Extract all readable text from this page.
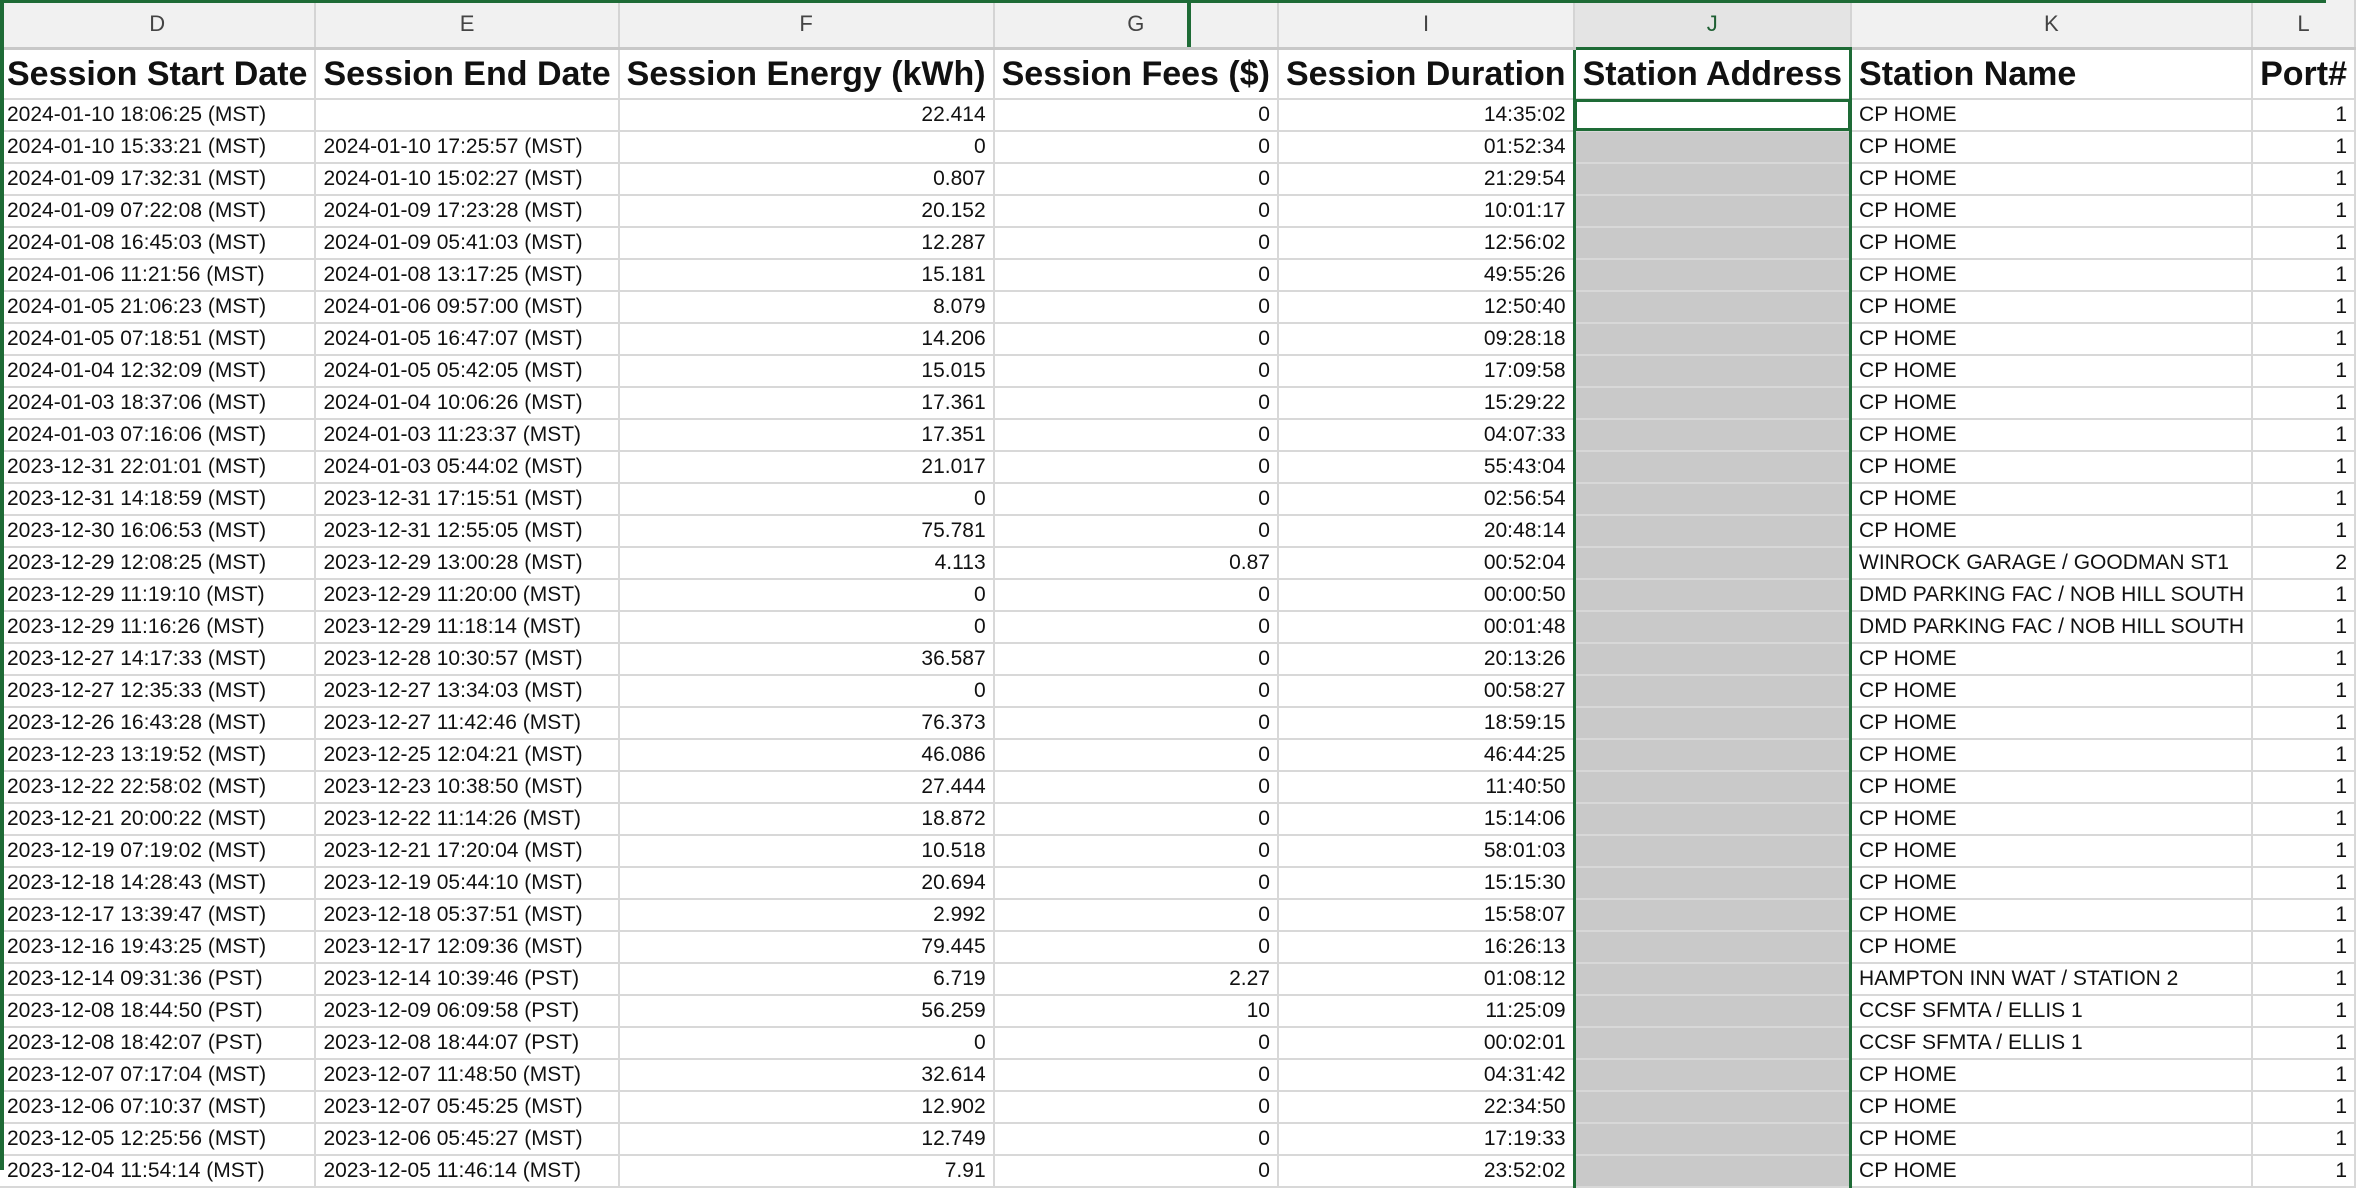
D	E	F	G	I	J	K	L
Session Start Date	Session End Date	Session Energy (kWh)	Session Fees ($)	Session Duration	Station Address	Station Name	Port#
2024-01-10 18:06:25 (MST)		22.414	0	14:35:02		CP HOME	1
2024-01-10 15:33:21 (MST)	2024-01-10 17:25:57 (MST)	0	0	01:52:34		CP HOME	1
2024-01-09 17:32:31 (MST)	2024-01-10 15:02:27 (MST)	0.807	0	21:29:54		CP HOME	1
2024-01-09 07:22:08 (MST)	2024-01-09 17:23:28 (MST)	20.152	0	10:01:17		CP HOME	1
2024-01-08 16:45:03 (MST)	2024-01-09 05:41:03 (MST)	12.287	0	12:56:02		CP HOME	1
2024-01-06 11:21:56 (MST)	2024-01-08 13:17:25 (MST)	15.181	0	49:55:26		CP HOME	1
2024-01-05 21:06:23 (MST)	2024-01-06 09:57:00 (MST)	8.079	0	12:50:40		CP HOME	1
2024-01-05 07:18:51 (MST)	2024-01-05 16:47:07 (MST)	14.206	0	09:28:18		CP HOME	1
2024-01-04 12:32:09 (MST)	2024-01-05 05:42:05 (MST)	15.015	0	17:09:58		CP HOME	1
2024-01-03 18:37:06 (MST)	2024-01-04 10:06:26 (MST)	17.361	0	15:29:22		CP HOME	1
2024-01-03 07:16:06 (MST)	2024-01-03 11:23:37 (MST)	17.351	0	04:07:33		CP HOME	1
2023-12-31 22:01:01 (MST)	2024-01-03 05:44:02 (MST)	21.017	0	55:43:04		CP HOME	1
2023-12-31 14:18:59 (MST)	2023-12-31 17:15:51 (MST)	0	0	02:56:54		CP HOME	1
2023-12-30 16:06:53 (MST)	2023-12-31 12:55:05 (MST)	75.781	0	20:48:14		CP HOME	1
2023-12-29 12:08:25 (MST)	2023-12-29 13:00:28 (MST)	4.113	0.87	00:52:04		WINROCK GARAGE / GOODMAN ST1	2
2023-12-29 11:19:10 (MST)	2023-12-29 11:20:00 (MST)	0	0	00:00:50		DMD PARKING FAC / NOB HILL SOUTH	1
2023-12-29 11:16:26 (MST)	2023-12-29 11:18:14 (MST)	0	0	00:01:48		DMD PARKING FAC / NOB HILL SOUTH	1
2023-12-27 14:17:33 (MST)	2023-12-28 10:30:57 (MST)	36.587	0	20:13:26		CP HOME	1
2023-12-27 12:35:33 (MST)	2023-12-27 13:34:03 (MST)	0	0	00:58:27		CP HOME	1
2023-12-26 16:43:28 (MST)	2023-12-27 11:42:46 (MST)	76.373	0	18:59:15		CP HOME	1
2023-12-23 13:19:52 (MST)	2023-12-25 12:04:21 (MST)	46.086	0	46:44:25		CP HOME	1
2023-12-22 22:58:02 (MST)	2023-12-23 10:38:50 (MST)	27.444	0	11:40:50		CP HOME	1
2023-12-21 20:00:22 (MST)	2023-12-22 11:14:26 (MST)	18.872	0	15:14:06		CP HOME	1
2023-12-19 07:19:02 (MST)	2023-12-21 17:20:04 (MST)	10.518	0	58:01:03		CP HOME	1
2023-12-18 14:28:43 (MST)	2023-12-19 05:44:10 (MST)	20.694	0	15:15:30		CP HOME	1
2023-12-17 13:39:47 (MST)	2023-12-18 05:37:51 (MST)	2.992	0	15:58:07		CP HOME	1
2023-12-16 19:43:25 (MST)	2023-12-17 12:09:36 (MST)	79.445	0	16:26:13		CP HOME	1
2023-12-14 09:31:36 (PST)	2023-12-14 10:39:46 (PST)	6.719	2.27	01:08:12		HAMPTON INN WAT / STATION 2	1
2023-12-08 18:44:50 (PST)	2023-12-09 06:09:58 (PST)	56.259	10	11:25:09		CCSF SFMTA / ELLIS 1	1
2023-12-08 18:42:07 (PST)	2023-12-08 18:44:07 (PST)	0	0	00:02:01		CCSF SFMTA / ELLIS 1	1
2023-12-07 07:17:04 (MST)	2023-12-07 11:48:50 (MST)	32.614	0	04:31:42		CP HOME	1
2023-12-06 07:10:37 (MST)	2023-12-07 05:45:25 (MST)	12.902	0	22:34:50		CP HOME	1
2023-12-05 12:25:56 (MST)	2023-12-06 05:45:27 (MST)	12.749	0	17:19:33		CP HOME	1
2023-12-04 11:54:14 (MST)	2023-12-05 11:46:14 (MST)	7.91	0	23:52:02		CP HOME	1
